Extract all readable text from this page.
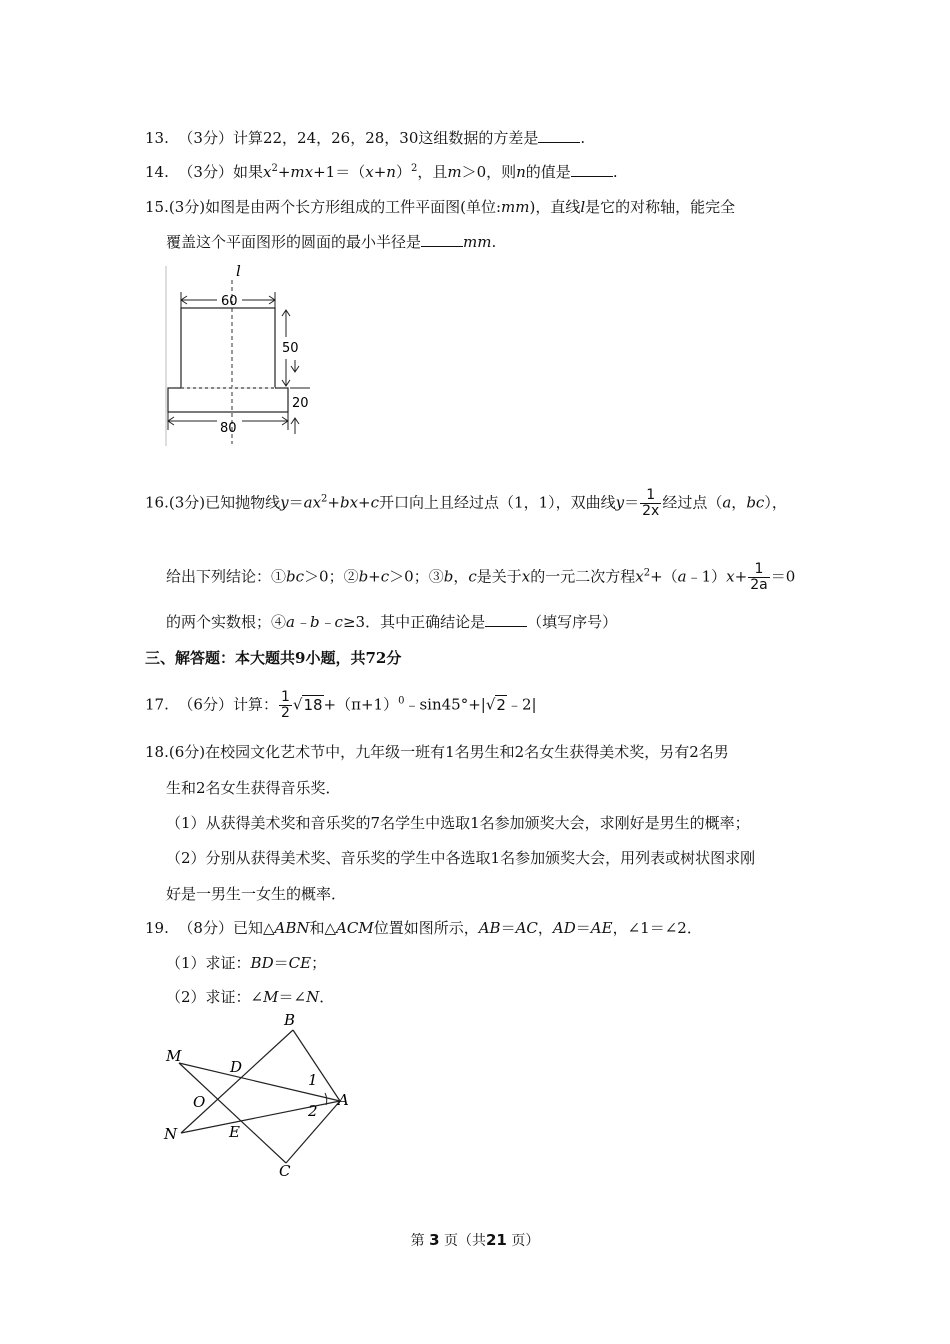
13. （3分）计算22，24，26，28，30这组数据的方差是	.
14. （3分）如果$x^2+mx+1=(x+n)^2$，且m＞0，则n的值是	.
15.(3分)如图是由两个长方形组成的工件平面图(单位:mm)，直线l是它的对称轴，能完全
覆盖这个平面图形的圆面的最小半径是	mm.
l
60
50
20
80
16.(3分)已知抛物线$y=ax^2+bx+c$开口向上且经过点（1，1），双曲线$y= \frac{1}{2x}$ 经过点（a，bc），
给出下列结论：①bc＞0；②b+c＞0；③b，c是关于x的一元二次方程$x^2+(a﹣1)x+ \frac{1}{2a} =0$
的两个实数根；④a﹣b﹣c≥3．其中正确结论是	（填写序号）
三、解答题：本大题共9小题，共72分
17. （6分）计算： $\frac{1}{2}$ $√18+(\pi+1)^0﹣\sin 45^\circ+|√2﹣2|$
18.(6分)在校园文化艺术节中，九年级一班有1名男生和2名女生获得美术奖，另有2名男
生和2名女生获得音乐奖．
（1）从获得美术奖和音乐奖的7名学生中选取1名参加颁奖大会，求刚好是男生的概率；
（2）分别从获得美术奖、音乐奖的学生中各选取1名参加颁奖大会，用列表或树状图求刚
好是一男生一女生的概率．
19. （8分）已知△ABN和△ACM位置如图所示，AB＝AC，AD＝AE，∠1＝∠2．
（1）求证：BD＝CE；
（2）求证：∠M＝∠N．
B
M
D
1
A
O	2
N	E
C
第 3 页（共21 页）
